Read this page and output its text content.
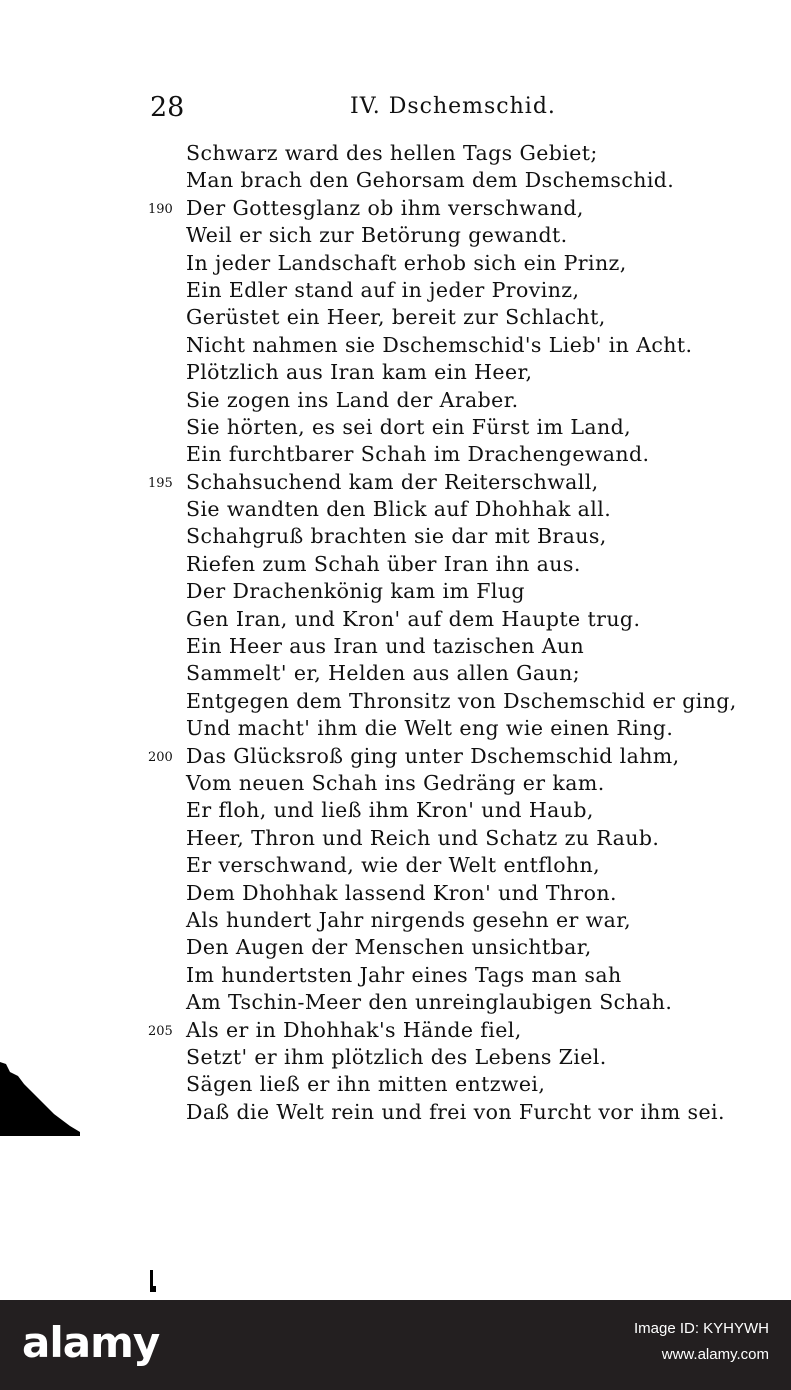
28	IV. Dschemschid.
Schwarz ward des hellen Tags Gebiet;
Man brach den Gehorsam dem Dschemschid.
190 Der Gottesglanz ob ihm verschwand,
Weil er sich zur Betörung gewandt.
In jeder Landschaft erhob sich ein Prinz,
Ein Edler stand auf in jeder Provinz,
Gerüstet ein Heer, bereit zur Schlacht,
Nicht nahmen sie Dschemschid's Lieb' in Acht.
Plötzlich aus Iran kam ein Heer,
Sie zogen ins Land der Araber.
Sie hörten, es sei dort ein Fürst im Land,
Ein furchtbarer Schah im Drachengewand.
195 Schahsuchend kam der Reiterschwall,
Sie wandten den Blick auf Dhohhak all.
Schahgruß brachten sie dar mit Braus,
Riefen zum Schah über Iran ihn aus.
Der Drachenkönig kam im Flug
Gen Iran, und Kron' auf dem Haupte trug.
Ein Heer aus Iran und tazischen Aun
Sammelt' er, Helden aus allen Gaun;
Entgegen dem Thronsitz von Dschemschid er ging,
Und macht' ihm die Welt eng wie einen Ring.
200 Das Glücksroß ging unter Dschemschid lahm,
Vom neuen Schah ins Gedräng er kam.
Er floh, und ließ ihm Kron' und Haub,
Heer, Thron und Reich und Schatz zu Raub.
Er verschwand, wie der Welt entflohn,
Dem Dhohhak lassend Kron' und Thron.
Als hundert Jahr nirgends gesehn er war,
Den Augen der Menschen unsichtbar,
Im hundertsten Jahr eines Tags man sah
Am Tschin-Meer den unreinglaubigen Schah.
205 Als er in Dhohhak's Hände fiel,
Setzt' er ihm plötzlich des Lebens Ziel.
Sägen ließ er ihn mitten entzwei,
Daß die Welt rein und frei von Furcht vor ihm sei.
alamy	Image ID: KYHYWH
www.alamy.com
